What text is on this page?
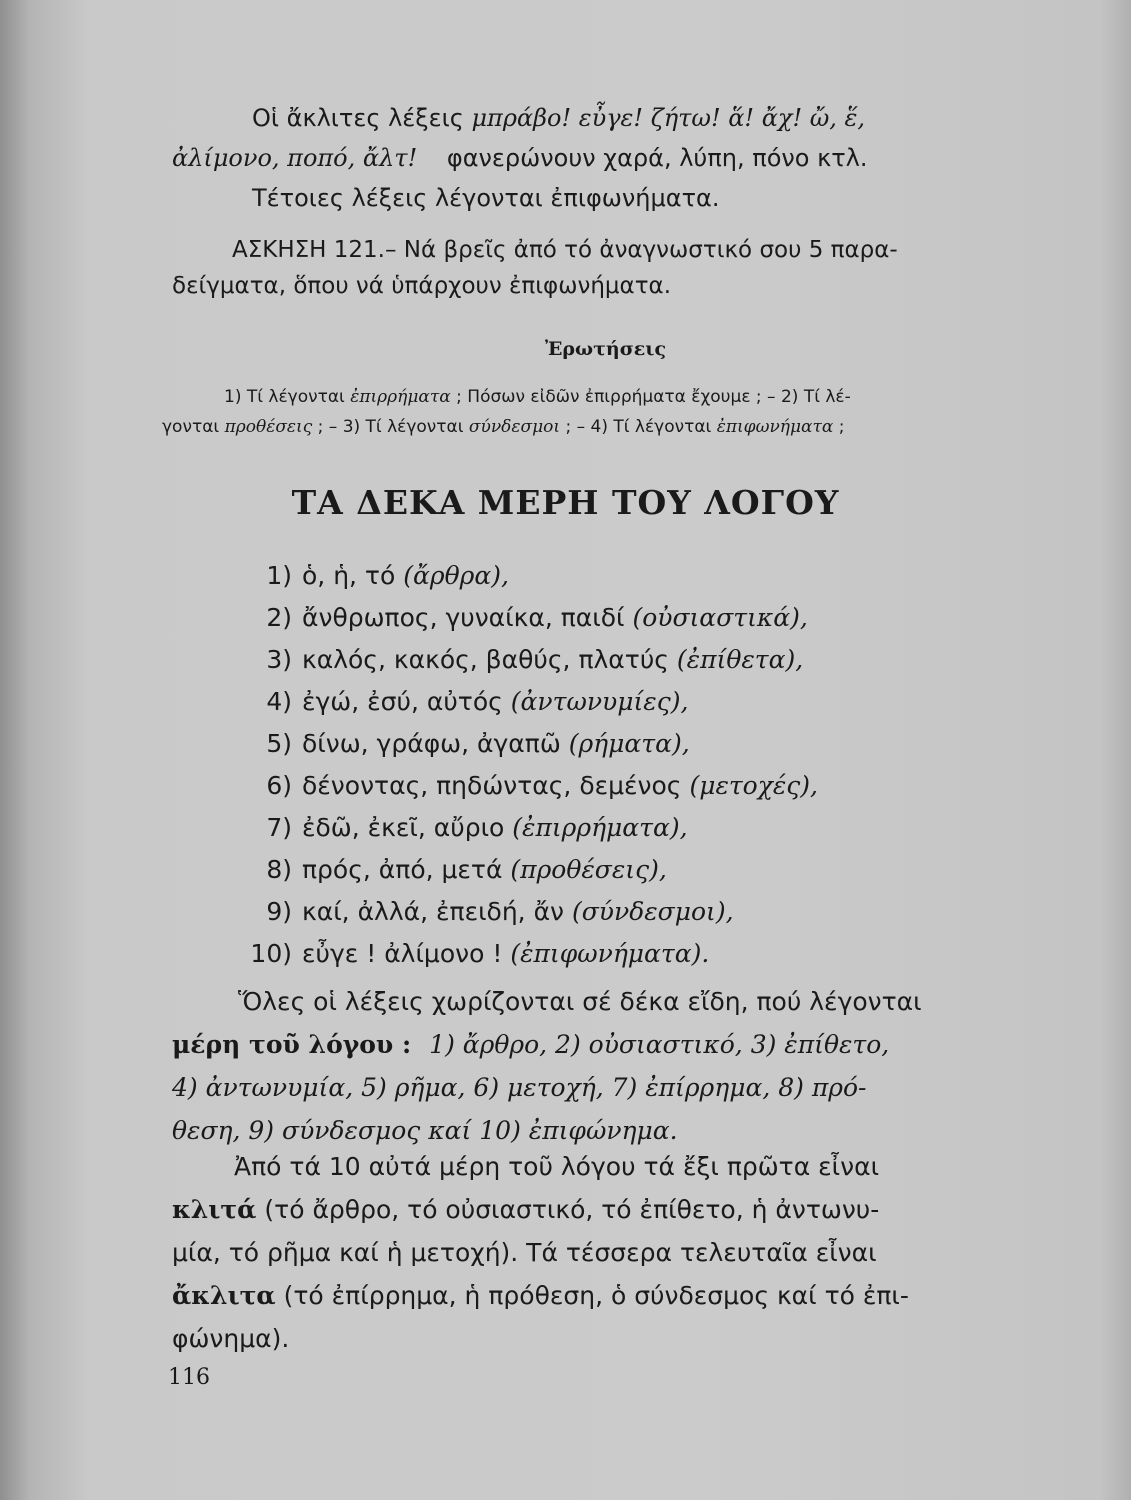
Οἱ ἄκλιτες λέξεις μπράβο! εὖγε! ζήτω! ἅ! ἄχ! ὤ, ἕ,
ἀλίμονο, ποπό, ἄλτ! φανερώνουν χαρά, λύπη, πόνο κτλ.
Τέτοιες λέξεις λέγονται ἐπιφωνήματα.
ΑΣΚΗΣΗ 121.– Νά βρεῖς ἀπό τό ἀναγνωστικό σου 5 παρα-
δείγματα, ὅπου νά ὑπάρχουν ἐπιφωνήματα.
Ἐρωτήσεις
1) Τί λέγονται ἐπιρρήματα ; Πόσων εἰδῶν ἐπιρρήματα ἔχουμε ; – 2) Τί λέ-
γονται προθέσεις ; – 3) Τί λέγονται σύνδεσμοι ; – 4) Τί λέγονται ἐπιφωνήματα ;
ΤΑ ΔΕΚΑ ΜΕΡΗ ΤΟΥ ΛΟΓΟΥ
1) ὁ, ἡ, τό (ἄρθρα),
2) ἄνθρωπος, γυναίκα, παιδί (οὐσιαστικά),
3) καλός, κακός, βαθύς, πλατύς (ἐπίθετα),
4) ἐγώ, ἐσύ, αὐτός (ἀντωνυμίες),
5) δίνω, γράφω, ἀγαπῶ (ρήματα),
6) δένοντας, πηδώντας, δεμένος (μετοχές),
7) ἐδῶ, ἐκεῖ, αὔριο (ἐπιρρήματα),
8) πρός, ἀπό, μετά (προθέσεις),
9) καί, ἀλλά, ἐπειδή, ἄν (σύνδεσμοι),
10) εὖγε ! ἀλίμονο ! (ἐπιφωνήματα).
Ὅλες οἱ λέξεις χωρίζονται σέ δέκα εἴδη, πού λέγονται
μέρη τοῦ λόγου : 1) ἄρθρο, 2) οὐσιαστικό, 3) ἐπίθετο,
4) ἀντωνυμία, 5) ρῆμα, 6) μετοχή, 7) ἐπίρρημα, 8) πρό-
θεση, 9) σύνδεσμος καί 10) ἐπιφώνημα.
Ἀπό τά 10 αὐτά μέρη τοῦ λόγου τά ἔξι πρῶτα εἶναι
κλιτά (τό ἄρθρο, τό οὐσιαστικό, τό ἐπίθετο, ἡ ἀντωνυ-
μία, τό ρῆμα καί ἡ μετοχή). Τά τέσσερα τελευταῖα εἶναι
ἄκλιτα (τό ἐπίρρημα, ἡ πρόθεση, ὁ σύνδεσμος καί τό ἐπι-
φώνημα).
116
